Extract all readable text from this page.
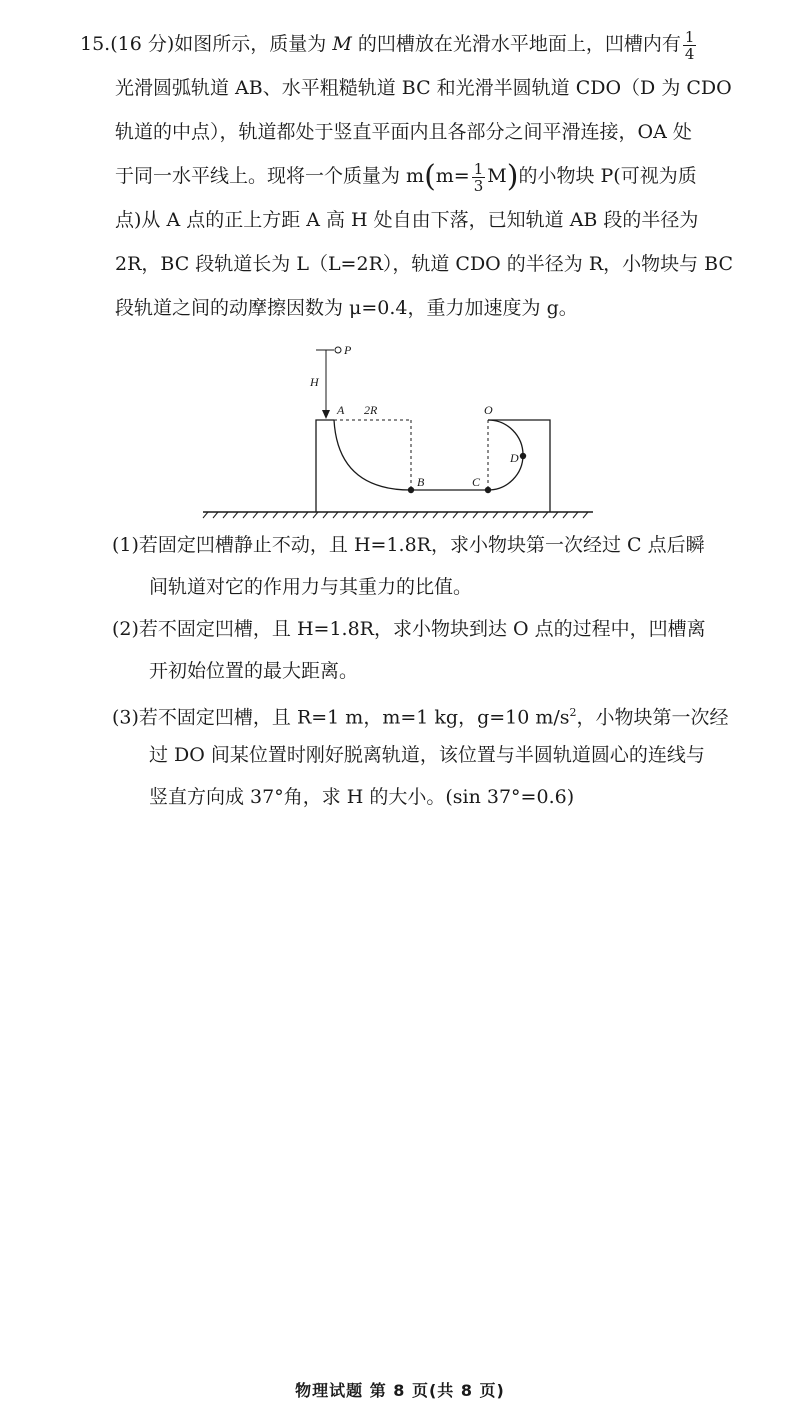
15.(16 分)如图所示，质量为 M 的凹槽放在光滑水平地面上，凹槽内有 $\frac{1}{4}$
光滑圆弧轨道 AB、水平粗糙轨道 BC 和光滑半圆轨道 CDO（D 为 CDO
轨道的中点），轨道都处于竖直平面内且各部分之间平滑连接，OA 处
于同一水平线上。现将一个质量为 $m(m= \frac{1}{3} M)$的小物块 P(可视为质
点)从 A 点的正上方距 A 高 H 处自由下落，已知轨道 AB 段的半径为
2R，BC 段轨道长为 L（L=2R），轨道 CDO 的半径为 R，小物块与 BC
段轨道之间的动摩擦因数为 μ=0.4，重力加速度为 g。
P
H
A 2R	O
D
B	C
(1)若固定凹槽静止不动，且 H=1.8R，求小物块第一次经过 C 点后瞬
间轨道对它的作用力与其重力的比值。
(2)若不固定凹槽，且 H=1.8R，求小物块到达 O 点的过程中，凹槽离
开初始位置的最大距离。
(3)若不固定凹槽，且 R=1 m，m=1 kg，g=10 $m/s^2$，小物块第一次经
过 DO 间某位置时刚好脱离轨道，该位置与半圆轨道圆心的连线与
竖直方向成 37°角，求 H 的大小。(sin 37°=0.6)
物理试题 第 8 页(共 8 页)
